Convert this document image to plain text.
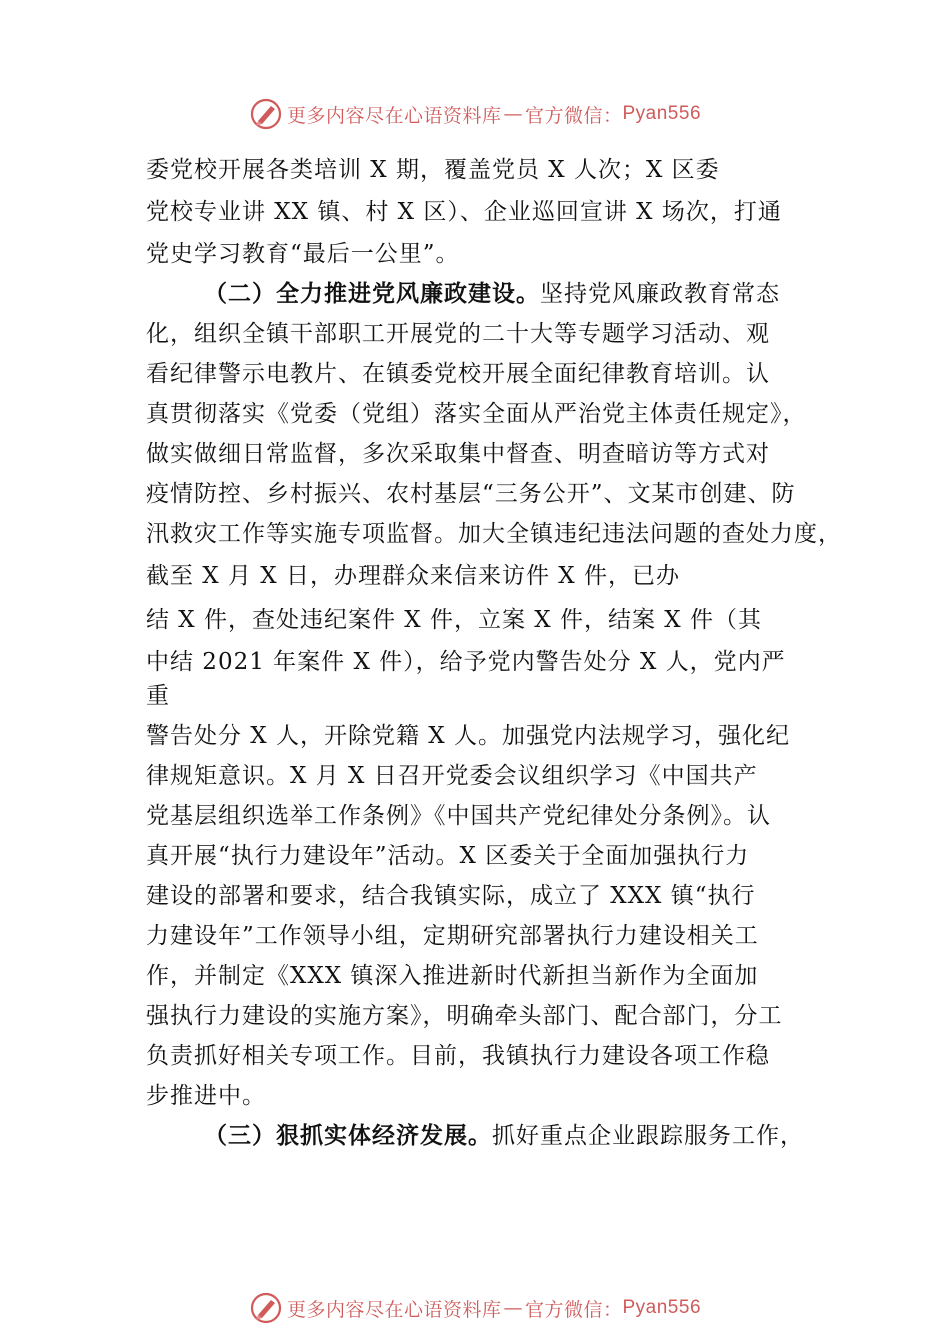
更多内容尽在心语资料库 — 官方微信： Pyan556
委党校开展各类培训 X 期，覆盖党员 X 人次；X 区委
党校专业讲 XX 镇、村 X 区）、企业巡回宣讲 X 场次，打通
党史学习教育“最后一公里”。
（二）全力推进党风廉政建设。坚持党风廉政教育常态
化，组织全镇干部职工开展党的二十大等专题学习活动、观
看纪律警示电教片、在镇委党校开展全面纪律教育培训。认
真贯彻落实《党委（党组）落实全面从严治党主体责任规定》，
做实做细日常监督，多次采取集中督查、明查暗访等方式对
疫情防控、乡村振兴、农村基层“三务公开”、文某市创建、防
汛救灾工作等实施专项监督。加大全镇违纪违法问题的查处力度，
截至 X 月 X 日，办理群众来信来访件 X 件，已办
结 X 件，查处违纪案件 X 件，立案 X 件，结案 X 件（其
中结 2021 年案件 X 件），给予党内警告处分 X 人，党内严
重
警告处分 X 人，开除党籍 X 人。加强党内法规学习，强化纪
律规矩意识。X 月 X 日召开党委会议组织学习《中国共产
党基层组织选举工作条例》《中国共产党纪律处分条例》。认
真开展“执行力建设年”活动。X 区委关于全面加强执行力
建设的部署和要求，结合我镇实际，成立了 XXX 镇“执行
力建设年”工作领导小组，定期研究部署执行力建设相关工
作，并制定《XXX 镇深入推进新时代新担当新作为全面加
强执行力建设的实施方案》，明确牵头部门、配合部门，分工
负责抓好相关专项工作。目前，我镇执行力建设各项工作稳
步推进中。
（三）狠抓实体经济发展。抓好重点企业跟踪服务工作，
更多内容尽在心语资料库 — 官方微信： Pyan556
